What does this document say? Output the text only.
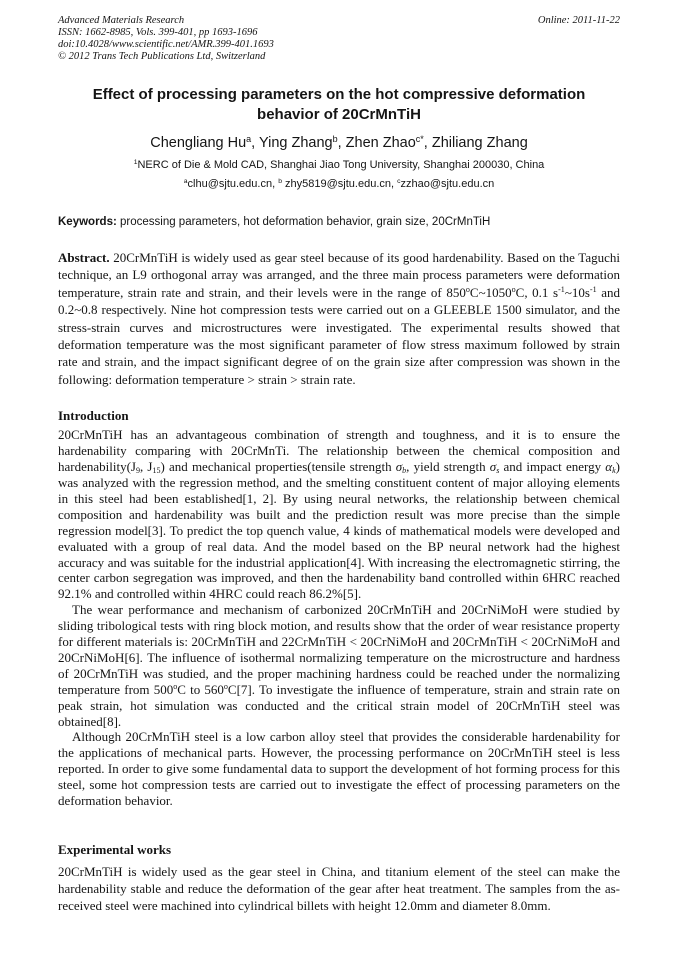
Advanced Materials Research
ISSN: 1662-8985, Vols. 399-401, pp 1693-1696
doi:10.4028/www.scientific.net/AMR.399-401.1693
© 2012 Trans Tech Publications Ltd, Switzerland
Online: 2011-11-22
Effect of processing parameters on the hot compressive deformation
behavior of 20CrMnTiH
Chengliang Hu$^a$, Ying Zhang$^b$, Zhen Zhao$^{c*}$, Zhiliang Zhang
$^1$NERC of Die & Mold CAD, Shanghai Jiao Tong University, Shanghai 200030, China
$^a$clhu@sjtu.edu.cn, $^b$ zhy5819@sjtu.edu.cn, $^c$zzhao@sjtu.edu.cn
Keywords: processing parameters, hot deformation behavior, grain size, 20CrMnTiH
Abstract. 20CrMnTiH is widely used as gear steel because of its good hardenability. Based on the Taguchi technique, an L9 orthogonal array was arranged, and the three main process parameters were deformation temperature, strain rate and strain, and their levels were in the range of 850$^o$C~1050$^o$C, 0.1 $s^{-1}\sim 10s^{-1}$ and 0.2~0.8 respectively. Nine hot compression tests were carried out on a GLEEBLE 1500 simulator, and the stress-strain curves and microstructures were investigated. The experimental results showed that deformation temperature was the most significant parameter of flow stress maximum followed by strain rate and strain, and the impact significant degree of on the grain size after compression was shown in the following: deformation temperature > strain > strain rate.
Introduction

20CrMnTiH has an advantageous combination of strength and toughness, and it is to ensure the hardenability comparing with 20CrMnTi. The relationship between the chemical composition and $hardenability(J_9$, $J_{15}$) and mechanical properties(tensile strength $\sigma_b$, yield strength $\sigma_s$ and impact energy $\alpha_k$) was analyzed with the regression method, and the smelting constituent content of major alloying elements in this steel had been established[1, 2]. By using neural networks, the relationship between chemical composition and hardenability was built and the prediction result was more precise than the simple regression model[3]. To predict the top quench value, 4 kinds of mathematical models were developed and evaluated with a group of real data. And the model based on the BP neural network had the highest accuracy and was suitable for the industrial application[4]. With increasing the electromagnetic stirring, the center carbon segregation was improved, and then the hardenability band controlled within 6HRC reached 92.1% and controlled within 4HRC could reach 86.2%[5].

The wear performance and mechanism of carbonized 20CrMnTiH and 20CrNiMoH were studied by sliding tribological tests with ring block motion, and results show that the order of wear resistance property for different materials is: 20CrMnTiH and 22CrMnTiH < 20CrNiMoH and 20CrMnTiH < 20CrNiMoH and 20CrNiMoH[6]. The influence of isothermal normalizing temperature on the microstructure and hardness of 20CrMnTiH was studied, and the proper machining hardness could be reached under the normalizing temperature from 500$^o$C to 560$^o$C[7]. To investigate the influence of temperature, strain and strain rate on peak strain, hot simulation was conducted and the critical strain model of 20CrMnTiH steel was obtained[8].

Although 20CrMnTiH steel is a low carbon alloy steel that provides the considerable hardenability for the applications of mechanical parts. However, the processing performance on 20CrMnTiH steel is less reported. In order to give some fundamental data to support the development of hot forming process for this steel, some hot compression tests are carried out to investigate the effect of processing parameters on the deformation behavior.

Experimental works

20CrMnTiH is widely used as the gear steel in China, and titanium element of the steel can make the hardenability stable and reduce the deformation of the gear after heat treatment. The samples from the as-received steel were machined into cylindrical billets with height 12.0mm and diameter 8.0mm.
